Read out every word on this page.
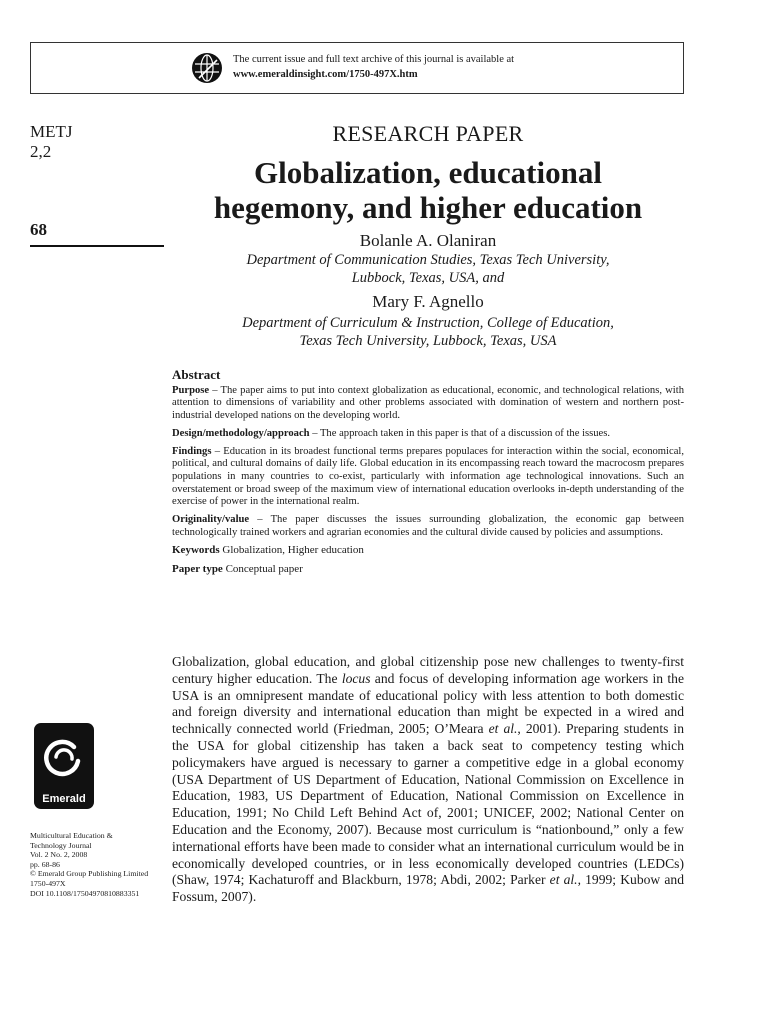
The current issue and full text archive of this journal is available at
www.emeraldinsight.com/1750-497X.htm
METJ
2,2
68
Emerald
Multicultural Education &
Technology Journal
Vol. 2 No. 2, 2008
pp. 68-86
© Emerald Group Publishing Limited
1750-497X
DOI 10.1108/17504970810883351
RESEARCH PAPER
Globalization, educational
hegemony, and higher education
Bolanle A. Olaniran
Department of Communication Studies, Texas Tech University,
Lubbock, Texas, USA, and
Mary F. Agnello
Department of Curriculum & Instruction, College of Education,
Texas Tech University, Lubbock, Texas, USA
Abstract

Purpose – The paper aims to put into context globalization as educational, economic, and technological relations, with attention to dimensions of variability and other problems associated with domination of western and northern post-industrial developed nations on the developing world.

Design/methodology/approach – The approach taken in this paper is that of a discussion of the issues.

Findings – Education in its broadest functional terms prepares populaces for interaction within the social, economical, political, and cultural domains of daily life. Global education in its encompassing reach toward the macrocosm prepares populations in many countries to co-exist, particularly with information age technological innovations. Such an overstatement or broad sweep of the maximum view of international education overlooks in-depth understanding of the exercise of power in the international realm.

Originality/value – The paper discusses the issues surrounding globalization, the economic gap between technologically trained workers and agrarian economies and the cultural divide caused by policies and assumptions.

Keywords Globalization, Higher education

Paper type Conceptual paper

Globalization, global education, and global citizenship pose new challenges to twenty-first century higher education. The locus and focus of developing information age workers in the USA is an omnipresent mandate of educational policy with less attention to both domestic and foreign diversity and international education than might be expected in a wired and technically connected world (Friedman, 2005; O’Meara et al., 2001). Preparing students in the USA for global citizenship has taken a back seat to competency testing which policymakers have argued is necessary to garner a competitive edge in a global economy (USA Department of US Department of Education, National Commission on Excellence in Education, 1983, US Department of Education, National Commission on Excellence in Education, 1991; No Child Left Behind Act of, 2001; UNICEF, 2002; National Center on Education and the Economy, 2007). Because most curriculum is “nationbound,” only a few international efforts have been made to consider what an international curriculum would be in economically developed countries, or in less economically developed countries (LEDCs) (Shaw, 1974; Kachaturoff and Blackburn, 1978; Abdi, 2002; Parker et al., 1999; Kubow and Fossum, 2007).
